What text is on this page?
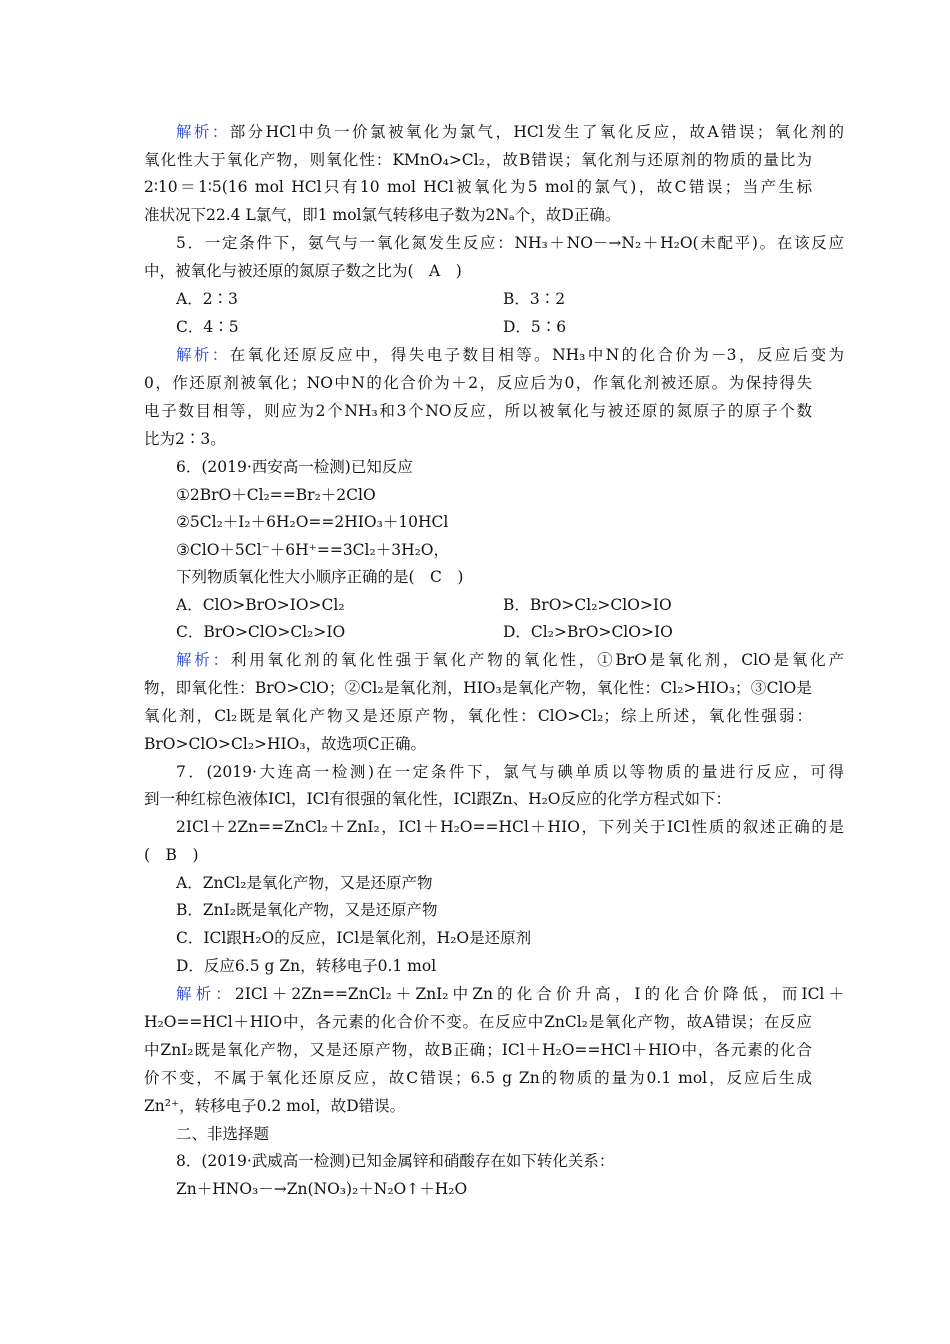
解析：部分HCl中负一价氯被氧化为氯气，HCl发生了氧化反应，故A错误；氧化剂的
氧化性大于氧化产物，则氧化性：KMnO₄>Cl₂，故B错误；氧化剂与还原剂的物质的量比为
2∶10＝1∶5(16 mol HCl只有10 mol HCl被氧化为5 mol的氯气)，故C错误；当产生标
准状况下22.4 L氯气，即1 mol氯气转移电子数为2Nₐ个，故D正确。
5．一定条件下，氨气与一氧化氮发生反应：NH₃＋NO－→N₂＋H₂O(未配平)。在该反应
中，被氧化与被还原的氮原子数之比为(　A　)
A．2∶3	B．3∶2
C．4∶5	D．5∶6
解析：在氧化还原反应中，得失电子数目相等。NH₃中N的化合价为－3，反应后变为
0，作还原剂被氧化；NO中N的化合价为＋2，反应后为0，作氧化剂被还原。为保持得失
电子数目相等，则应为2个NH₃和3个NO反应，所以被氧化与被还原的氮原子的原子个数
比为2∶3。
6．(2019·西安高一检测)已知反应
①2BrO＋Cl₂==Br₂＋2ClO
②5Cl₂＋I₂＋6H₂O==2HIO₃＋10HCl
③ClO＋5Cl⁻＋6H⁺==3Cl₂＋3H₂O，
下列物质氧化性大小顺序正确的是(　C　)
A．ClO>BrO>IO>Cl₂	B．BrO>Cl₂>ClO>IO
C．BrO>ClO>Cl₂>IO	D．Cl₂>BrO>ClO>IO
解析：利用氧化剂的氧化性强于氧化产物的氧化性，①BrO是氧化剂，ClO是氧化产
物，即氧化性：BrO>ClO；②Cl₂是氧化剂，HIO₃是氧化产物，氧化性：Cl₂>HIO₃；③ClO是
氧化剂，Cl₂既是氧化产物又是还原产物，氧化性：ClO>Cl₂；综上所述，氧化性强弱：
BrO>ClO>Cl₂>HIO₃，故选项C正确。
7．(2019·大连高一检测)在一定条件下，氯气与碘单质以等物质的量进行反应，可得
到一种红棕色液体ICl，ICl有很强的氧化性，ICl跟Zn、H₂O反应的化学方程式如下：
2ICl＋2Zn==ZnCl₂＋ZnI₂，ICl＋H₂O==HCl＋HIO，下列关于ICl性质的叙述正确的是
(　B　)
A．ZnCl₂是氧化产物，又是还原产物
B．ZnI₂既是氧化产物，又是还原产物
C．ICl跟H₂O的反应，ICl是氧化剂，H₂O是还原剂
D．反应6.5 g Zn，转移电子0.1 mol
解析：2ICl＋2Zn==ZnCl₂＋ZnI₂中Zn的化合价升高，I的化合价降低，而ICl＋
H₂O==HCl＋HIO中，各元素的化合价不变。在反应中ZnCl₂是氧化产物，故A错误；在反应
中ZnI₂既是氧化产物，又是还原产物，故B正确；ICl＋H₂O==HCl＋HIO中，各元素的化合
价不变，不属于氧化还原反应，故C错误；6.5 g Zn的物质的量为0.1 mol，反应后生成
Zn²⁺，转移电子0.2 mol，故D错误。
二、非选择题
8．(2019·武威高一检测)已知金属锌和硝酸存在如下转化关系：
Zn＋HNO₃－→Zn(NO₃)₂＋N₂O↑＋H₂O
